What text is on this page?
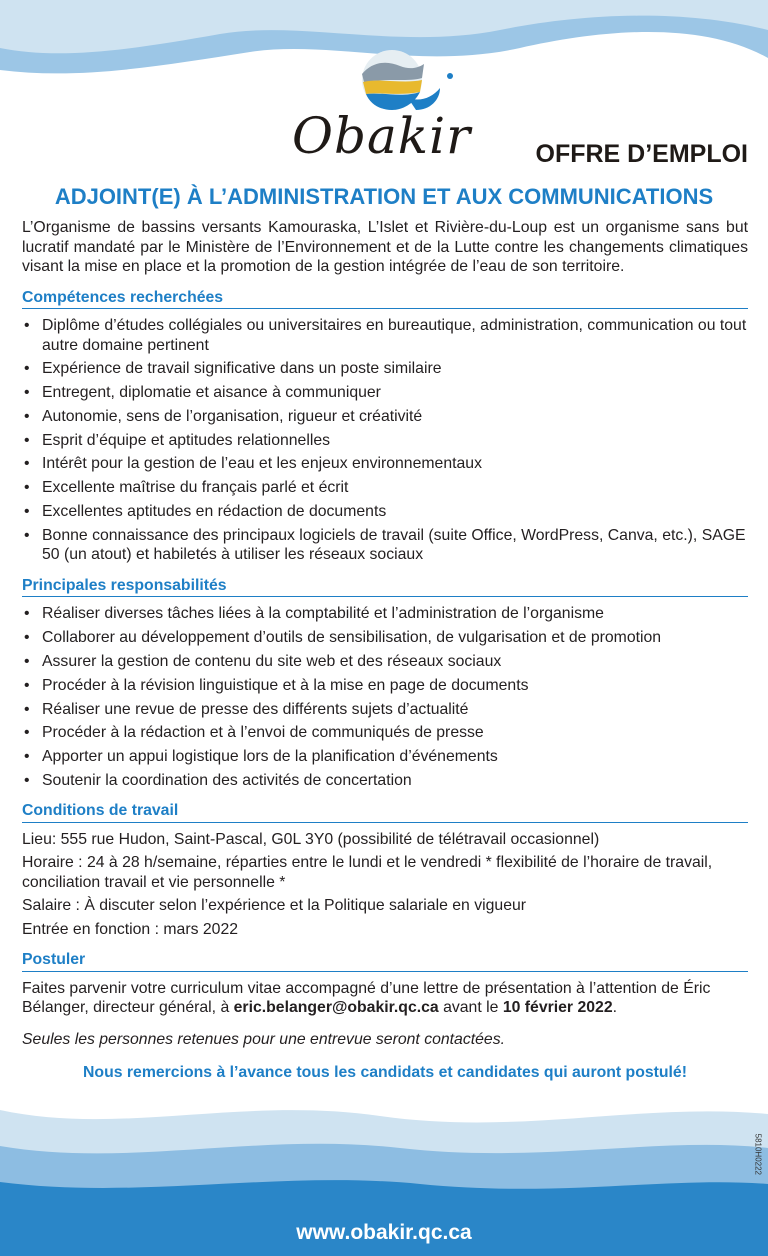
Obakir	OFFRE D’EMPLOI
ADJOINT(E) À L’ADMINISTRATION ET AUX COMMUNICATIONS

L’Organisme de bassins versants Kamouraska, L’Islet et Rivière-du-Loup est un organisme sans but lucratif mandaté par le Ministère de l’Environnement et de la Lutte contre les changements climatiques visant la mise en place et la promotion de la gestion intégrée de l’eau de son territoire.

Compétences recherchées
• Diplôme d’études collégiales ou universitaires en bureautique, administration, communication ou tout autre domaine pertinent
• Expérience de travail significative dans un poste similaire
• Entregent, diplomatie et aisance à communiquer
• Autonomie, sens de l’organisation, rigueur et créativité
• Esprit d’équipe et aptitudes relationnelles
• Intérêt pour la gestion de l’eau et les enjeux environnementaux
• Excellente maîtrise du français parlé et écrit
• Excellentes aptitudes en rédaction de documents
• Bonne connaissance des principaux logiciels de travail (suite Office, WordPress, Canva, etc.), SAGE 50 (un atout) et habiletés à utiliser les réseaux sociaux
Principales responsabilités
• Réaliser diverses tâches liées à la comptabilité et l’administration de l’organisme
• Collaborer au développement d’outils de sensibilisation, de vulgarisation et de promotion
• Assurer la gestion de contenu du site web et des réseaux sociaux
• Procéder à la révision linguistique et à la mise en page de documents
• Réaliser une revue de presse des différents sujets d’actualité
• Procéder à la rédaction et à l’envoi de communiqués de presse
• Apporter un appui logistique lors de la planification d’événements
• Soutenir la coordination des activités de concertation
Conditions de travail

Lieu: 555 rue Hudon, Saint-Pascal, G0L 3Y0 (possibilité de télétravail occasionnel)

Horaire : 24 à 28 h/semaine, réparties entre le lundi et le vendredi * flexibilité de l’horaire de travail, conciliation travail et vie personnelle *

Salaire : À discuter selon l’expérience et la Politique salariale en vigueur

Entrée en fonction : mars 2022

Postuler

Faites parvenir votre curriculum vitae accompagné d’une lettre de présentation à l’attention de Éric Bélanger, directeur général, à eric.belanger@obakir.qc.ca avant le 10 février 2022.

Seules les personnes retenues pour une entrevue seront contactées.
Nous remercions à l’avance tous les candidats et candidates qui auront postulé!
www.obakir.qc.ca
5810H0222
